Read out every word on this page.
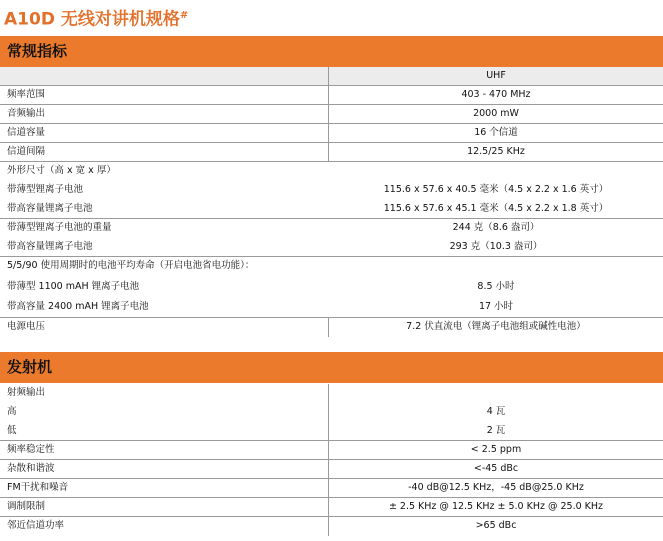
A10D 无线对讲机规格#
常规指标
UHF
频率范围	403 - 470 MHz
音频输出	2000 mW
信道容量	16 个信道
信道间隔	12.5/25 KHz
外形尺寸（高 x 宽 x 厚）
带薄型锂离子电池	115.6 x 57.6 x 40.5 毫米（4.5 x 2.2 x 1.6 英寸）
带高容量锂离子电池	115.6 x 57.6 x 45.1 毫米（4.5 x 2.2 x 1.8 英寸）
带薄型锂离子电池的重量	244 克（8.6 盎司）
带高容量锂离子电池	293 克（10.3 盎司）
5/5/90 使用周期时的电池平均寿命（开启电池省电功能）：
带薄型 1100 mAH 锂离子电池	8.5 小时
带高容量 2400 mAH 锂离子电池	17 小时
电源电压	7.2 伏直流电（锂离子电池组或碱性电池）
发射机
射频输出
高	4 瓦
低	2 瓦
频率稳定性	< 2.5 ppm
杂散和谐波	<-45 dBc
FM干扰和噪音	-40 dB@12.5 KHz，-45 dB@25.0 KHz
调制限制	± 2.5 KHz @ 12.5 KHz ± 5.0 KHz @ 25.0 KHz
邻近信道功率	>65 dBc
